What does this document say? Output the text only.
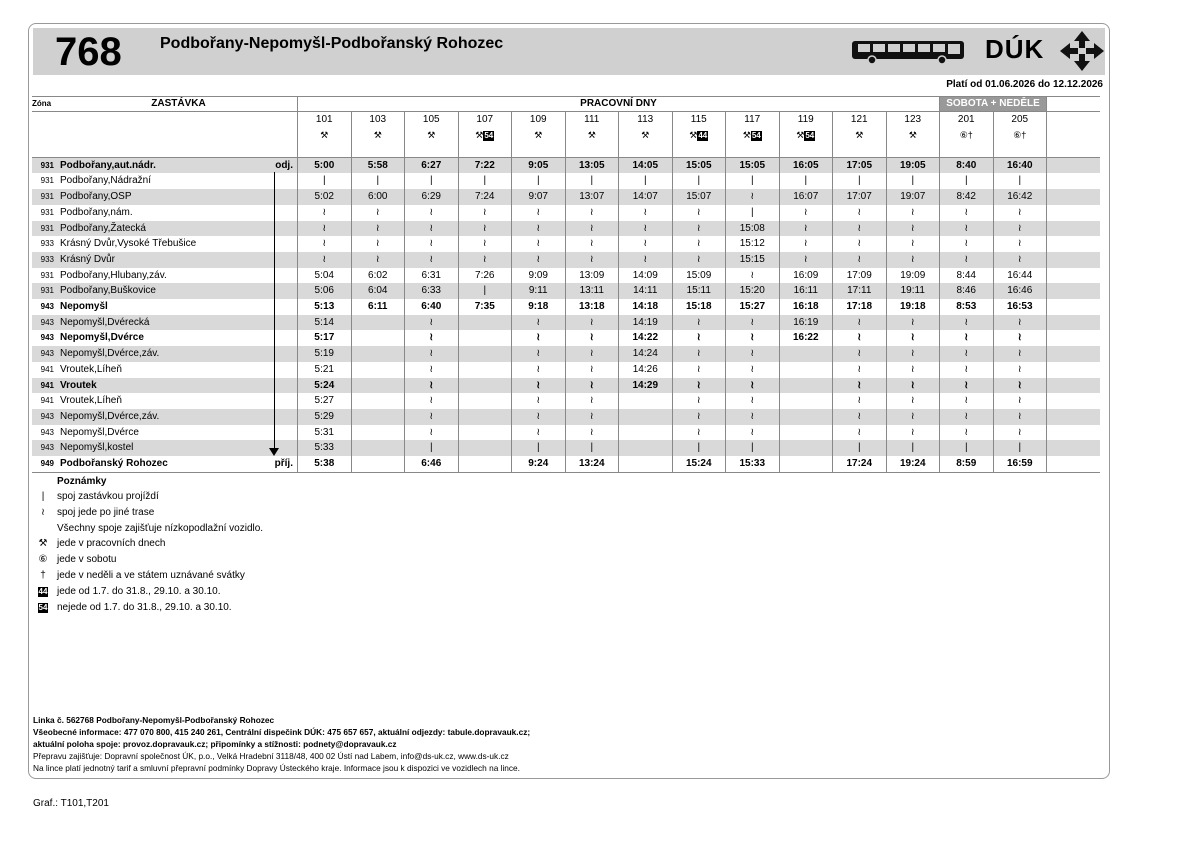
768 Podbořany-Nepomyšl-Podbořanský Rohozec	DÚK
Platí od 01.06.2026 do 12.12.2026
Zóna	ZASTÁVKA	PRACOVNÍ DNY												SOBOTA + NEDĚLE		
		101	103	105	107	109	111	113	115	117	119	121	123	201	205	
		⚒	⚒	⚒	⚒54	⚒	⚒	⚒	⚒44	⚒54	⚒54	⚒	⚒	⑥†	⑥†	

931	Podbořany,aut.nádr. odj.	5:00	5:58	6:27	7:22	9:05	13:05	14:05	15:05	15:05	16:05	17:05	19:05	8:40	16:40	
931	Podbořany,Nádražní	|	|	|	|	|	|	|	|	|	|	|	|	|	|	
931	Podbořany,OSP	5:02	6:00	6:29	7:24	9:07	13:07	14:07	15:07	≀	16:07	17:07	19:07	8:42	16:42	
931	Podbořany,nám.	≀	≀	≀	≀	≀	≀	≀	≀	|	≀	≀	≀	≀	≀	
931	Podbořany,Žatecká	≀	≀	≀	≀	≀	≀	≀	≀	15:08	≀	≀	≀	≀	≀	
933	Krásný Dvůr,Vysoké Třebušice	≀	≀	≀	≀	≀	≀	≀	≀	15:12	≀	≀	≀	≀	≀	
933	Krásný Dvůr	≀	≀	≀	≀	≀	≀	≀	≀	15:15	≀	≀	≀	≀	≀	
931	Podbořany,Hlubany,záv.	5:04	6:02	6:31	7:26	9:09	13:09	14:09	15:09	≀	16:09	17:09	19:09	8:44	16:44	
931	Podbořany,Buškovice	5:06	6:04	6:33	|	9:11	13:11	14:11	15:11	15:20	16:11	17:11	19:11	8:46	16:46	
943	Nepomyšl	5:13	6:11	6:40	7:35	9:18	13:18	14:18	15:18	15:27	16:18	17:18	19:18	8:53	16:53	
943	Nepomyšl,Dvérecká	5:14		≀		≀	≀	14:19	≀	≀	16:19	≀	≀	≀	≀	
943	Nepomyšl,Dvérce	5:17		≀		≀	≀	14:22	≀	≀	16:22	≀	≀	≀	≀	
943	Nepomyšl,Dvérce,záv.	5:19		≀		≀	≀	14:24	≀	≀		≀	≀	≀	≀	
941	Vroutek,Líheň	5:21		≀		≀	≀	14:26	≀	≀		≀	≀	≀	≀	
941	Vroutek	5:24		≀		≀	≀	14:29	≀	≀		≀	≀	≀	≀	
941	Vroutek,Líheň	5:27		≀		≀	≀		≀	≀		≀	≀	≀	≀	
943	Nepomyšl,Dvérce,záv.	5:29		≀		≀	≀		≀	≀		≀	≀	≀	≀	
943	Nepomyšl,Dvérce	5:31		≀		≀	≀		≀	≀		≀	≀	≀	≀	
943	Nepomyšl,kostel	5:33		|		|	|		|	|		|	|	|	|	
949	Podbořanský Rohozec příj.	5:38		6:46		9:24	13:24		15:24	15:33		17:24	19:24	8:59	16:59	
Poznámky
|	spoj zastávkou projíždí
≀	spoj jede po jiné trase
Všechny spoje zajišťuje nízkopodlažní vozidlo.
⚒ jede v pracovních dnech
⑥ jede v sobotu
†	jede v neděli a ve státem uznávané svátky
44 jede od 1.7. do 31.8., 29.10. a 30.10.
54 nejede od 1.7. do 31.8., 29.10. a 30.10.
Linka č. 562768 Podbořany-Nepomyšl-Podbořanský Rohozec
Všeobecné informace: 477 070 800, 415 240 261, Centrální dispečink DÚK: 475 657 657, aktuální odjezdy: tabule.dopravauk.cz;
aktuální poloha spoje: provoz.dopravauk.cz; připomínky a stížnosti: podnety@dopravauk.cz
Přepravu zajišťuje: Dopravní společnost ÚK, p.o., Velká Hradební 3118/48, 400 02 Ústí nad Labem, info@ds-uk.cz, www.ds-uk.cz
Na lince platí jednotný tarif a smluvní přepravní podmínky Dopravy Ústeckého kraje. Informace jsou k dispozici ve vozidlech na lince.
Graf.: T101,T201
